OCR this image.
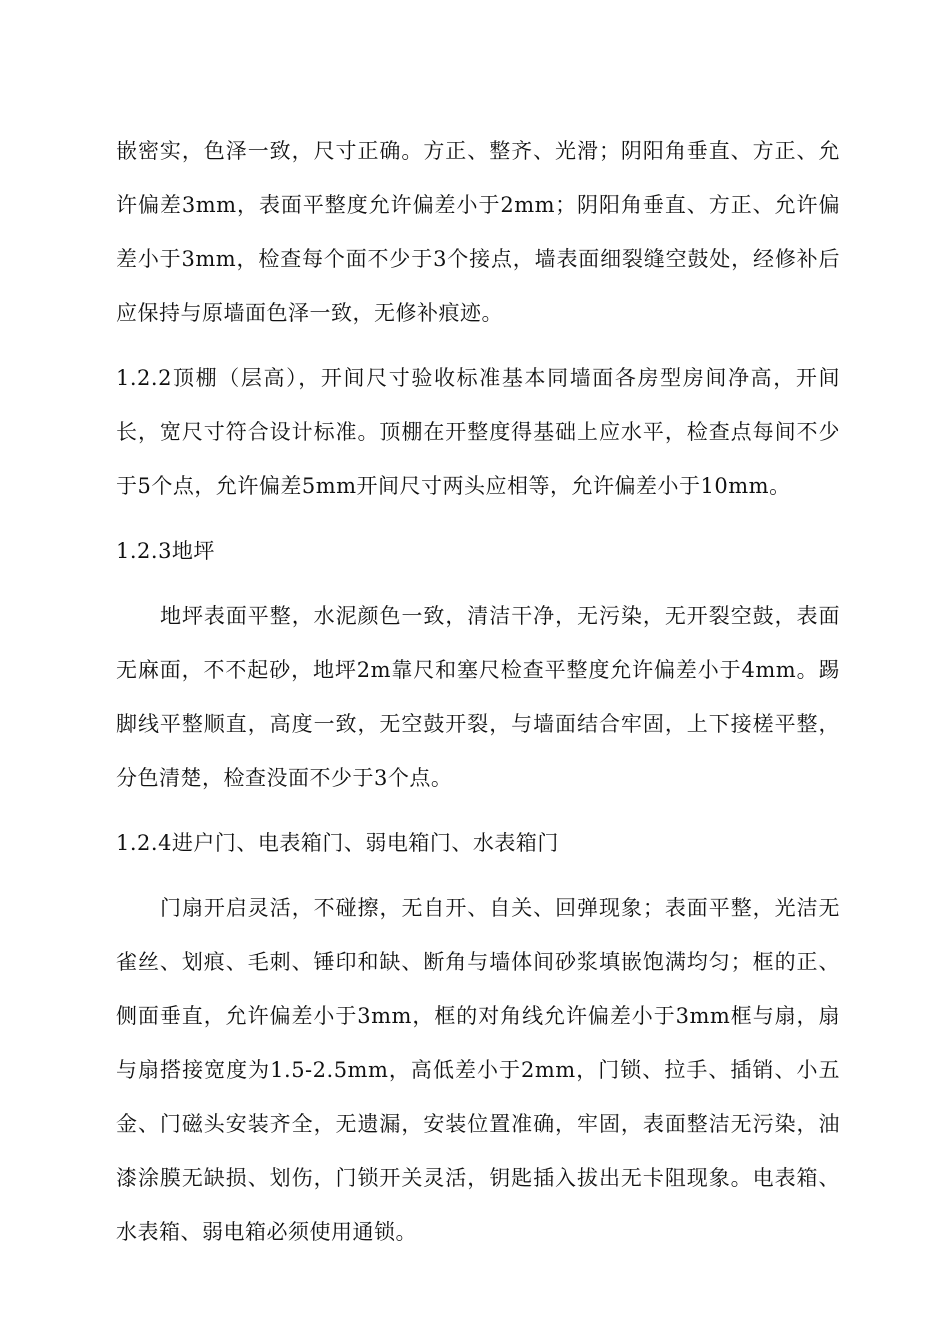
嵌密实，色泽一致，尺寸正确。方正、整齐、光滑；阴阳角垂直、方正、允许偏差3mm，表面平整度允许偏差小于2mm；阴阳角垂直、方正、允许偏差小于3mm，检查每个面不少于3个接点，墙表面细裂缝空鼓处，经修补后应保持与原墙面色泽一致，无修补痕迹。

1.2.2顶棚（层高），开间尺寸验收标准基本同墙面各房型房间净高，开间长，宽尺寸符合设计标准。顶棚在开整度得基础上应水平，检查点每间不少于5个点，允许偏差5mm开间尺寸两头应相等，允许偏差小于10mm。

1.2.3地坪

地坪表面平整，水泥颜色一致，清洁干净，无污染，无开裂空鼓，表面无麻面，不不起砂，地坪2m靠尺和塞尺检查平整度允许偏差小于4mm。踢脚线平整顺直，高度一致，无空鼓开裂，与墙面结合牢固，上下接槎平整，分色清楚，检查没面不少于3个点。

1.2.4进户门、电表箱门、弱电箱门、水表箱门

门扇开启灵活，不碰擦，无自开、自关、回弹现象；表面平整，光洁无雀丝、划痕、毛刺、锤印和缺、断角与墙体间砂浆填嵌饱满均匀；框的正、侧面垂直，允许偏差小于3mm，框的对角线允许偏差小于3mm框与扇，扇与扇搭接宽度为1.5-2.5mm，高低差小于2mm，门锁、拉手、插销、小五金、门磁头安装齐全，无遗漏，安装位置准确，牢固，表面整洁无污染，油漆涂膜无缺损、划伤，门锁开关灵活，钥匙插入拔出无卡阻现象。电表箱、水表箱、弱电箱必须使用通锁。
